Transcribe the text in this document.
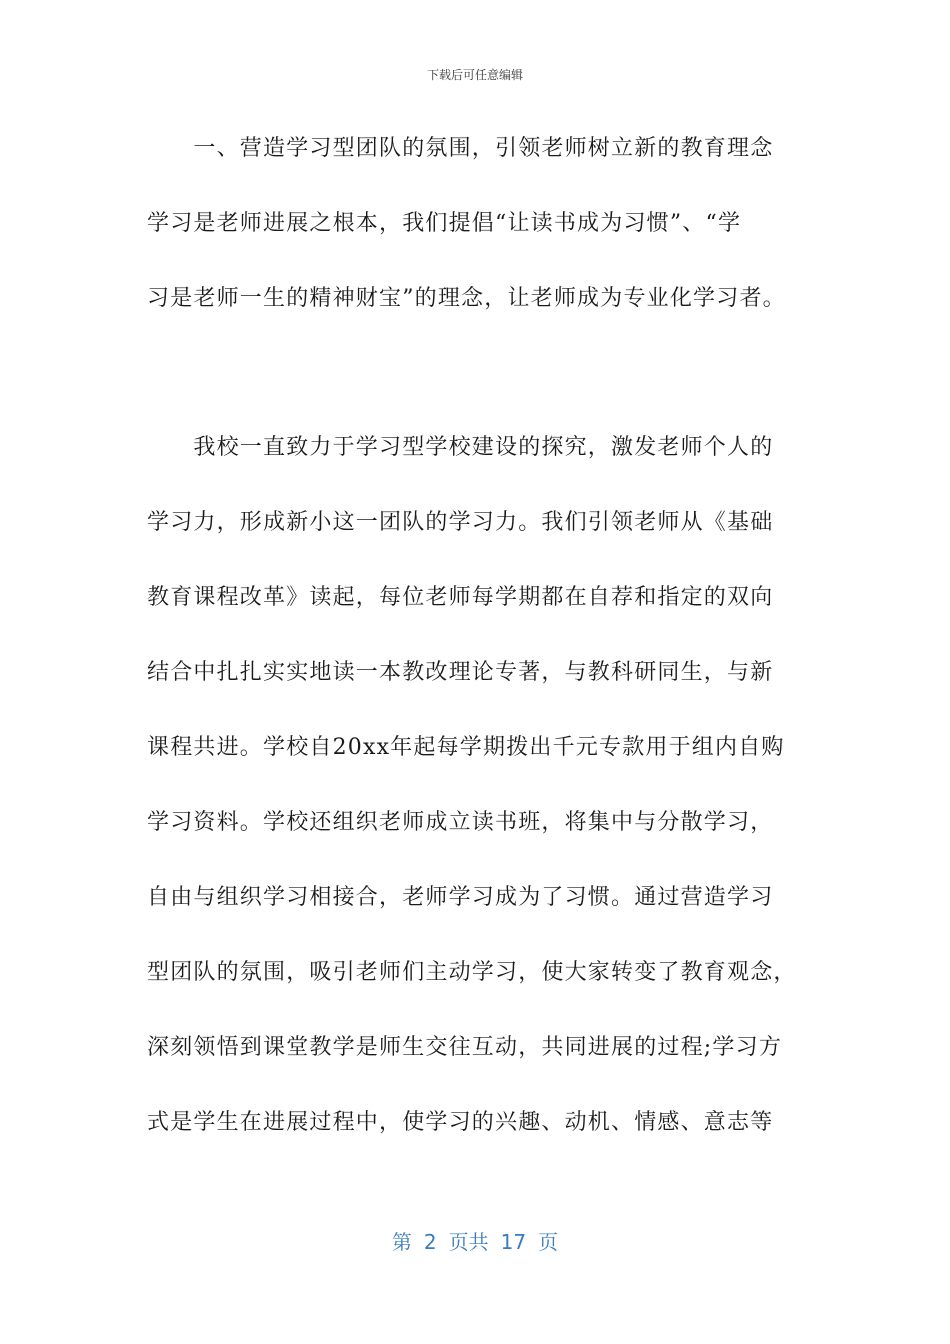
下载后可任意编辑
　　一、营造学习型团队的氛围，引领老师树立新的教育理念
学习是老师进展之根本，我们提倡“让读书成为习惯”、“学
习是老师一生的精神财宝”的理念，让老师成为专业化学习者。
　　我校一直致力于学习型学校建设的探究，激发老师个人的
学习力，形成新小这一团队的学习力。我们引领老师从《基础
教育课程改革》读起，每位老师每学期都在自荐和指定的双向
结合中扎扎实实地读一本教改理论专著，与教科研同生，与新
课程共进。学校自20xx年起每学期拨出千元专款用于组内自购
学习资料。学校还组织老师成立读书班，将集中与分散学习，
自由与组织学习相接合，老师学习成为了习惯。通过营造学习
型团队的氛围，吸引老师们主动学习，使大家转变了教育观念，
深刻领悟到课堂教学是师生交往互动，共同进展的过程;学习方
式是学生在进展过程中，使学习的兴趣、动机、情感、意志等
第 2 页共 17 页
